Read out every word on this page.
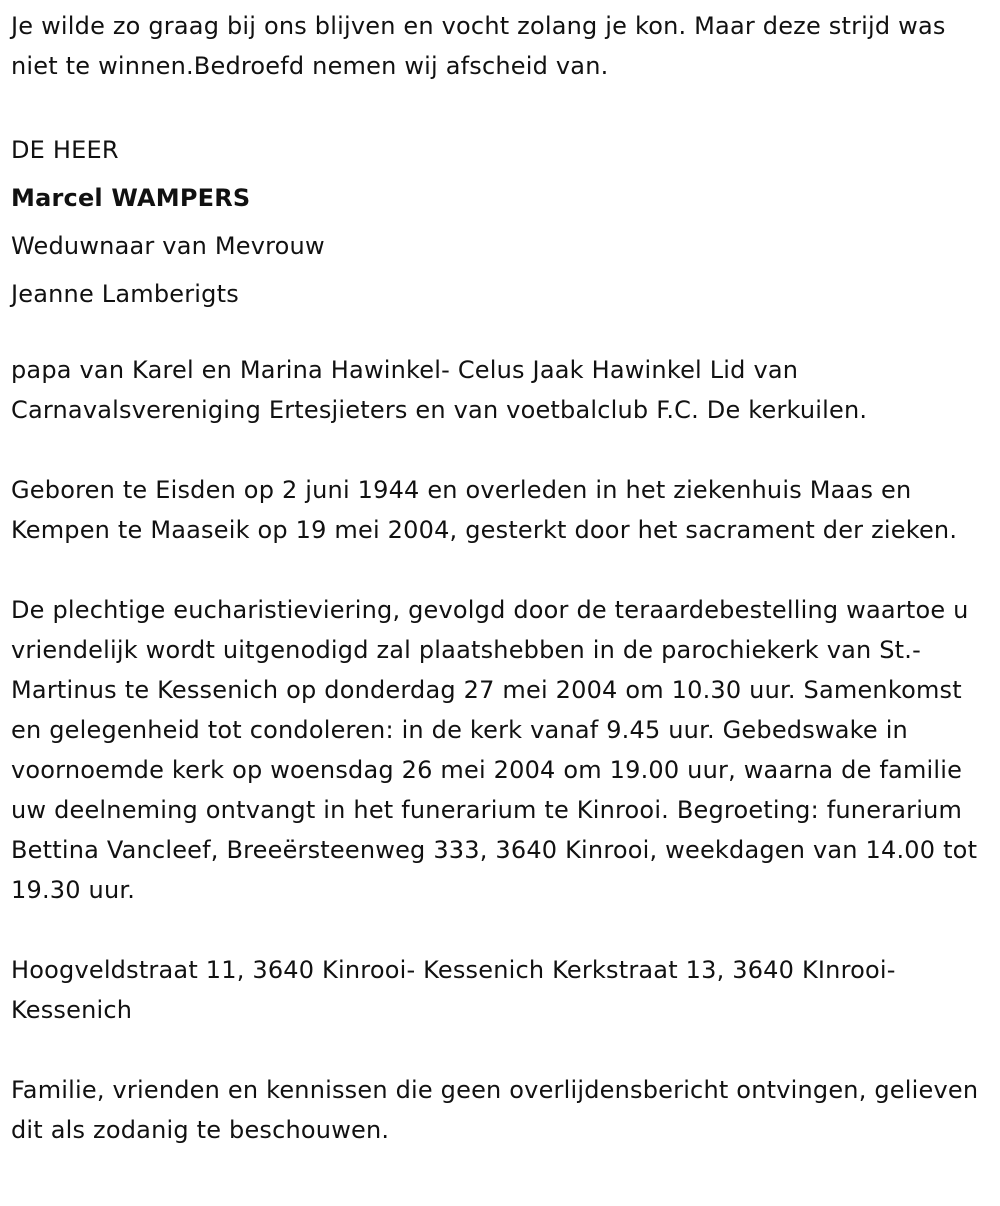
Je wilde zo graag bij ons blijven en vocht zolang je kon. Maar deze strijd was niet te winnen.Bedroefd nemen wij afscheid van.

DE HEER
Marcel WAMPERS
Weduwnaar van Mevrouw
Jeanne Lamberigts

papa van Karel en Marina Hawinkel- Celus Jaak Hawinkel Lid van Carnavalsvereniging Ertesjieters en van voetbalclub F.C. De kerkuilen.

Geboren te Eisden op 2 juni 1944 en overleden in het ziekenhuis Maas en Kempen te Maaseik op 19 mei 2004, gesterkt door het sacrament der zieken.

De plechtige eucharistieviering, gevolgd door de teraardebestelling waartoe u vriendelijk wordt uitgenodigd zal plaatshebben in de parochiekerk van St.- Martinus te Kessenich op donderdag 27 mei 2004 om 10.30 uur. Samenkomst en gelegenheid tot condoleren: in de kerk vanaf 9.45 uur. Gebedswake in voornoemde kerk op woensdag 26 mei 2004 om 19.00 uur, waarna de familie uw deelneming ontvangt in het funerarium te Kinrooi. Begroeting: funerarium Bettina Vancleef, Breeërsteenweg 333, 3640 Kinrooi, weekdagen van 14.00 tot 19.30 uur.

Hoogveldstraat 11, 3640 Kinrooi- Kessenich Kerkstraat 13, 3640 KInrooi-Kessenich

Familie, vrienden en kennissen die geen overlijdensbericht ontvingen, gelieven dit als zodanig te beschouwen.
